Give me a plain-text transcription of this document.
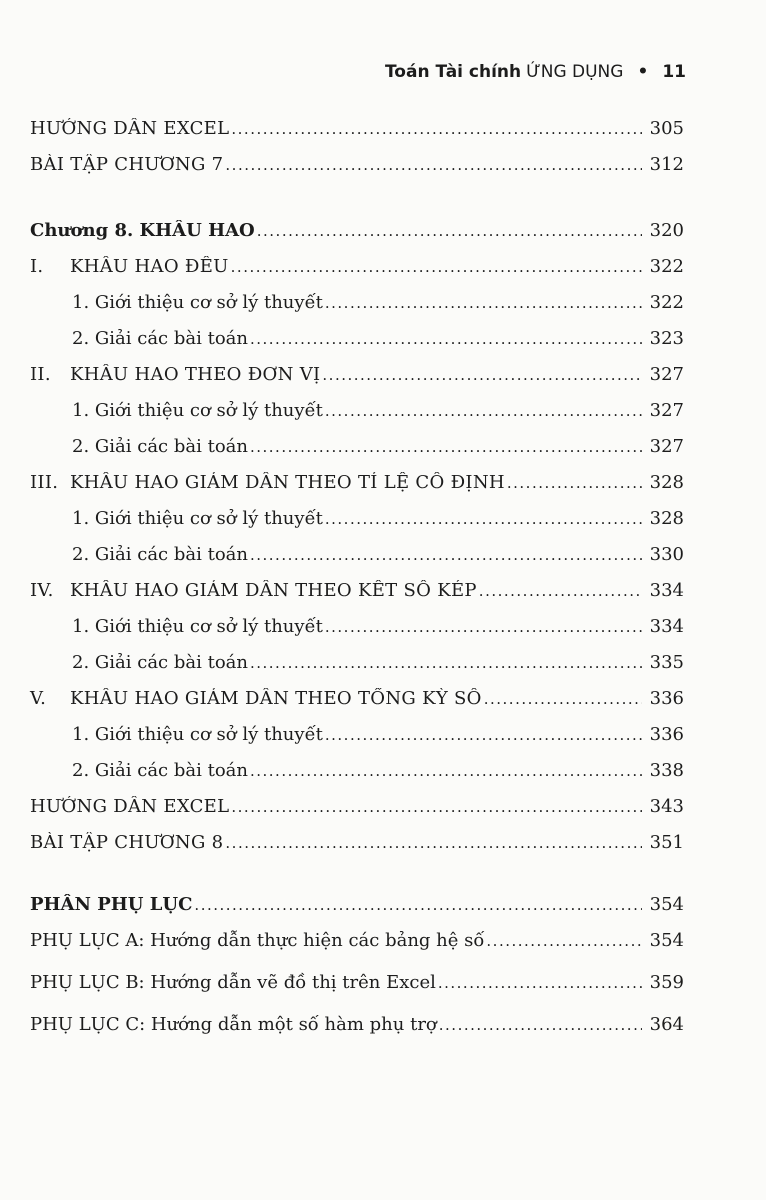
Toán Tài chính ỨNG DỤNG • 11
HƯỚNG DẪN EXCEL .....	305
BÀI TẬP CHƯƠNG 7 .....	312
Chương 8. KHẤU HAO .....	320
I. KHẤU HAO ĐỀU .....	322
1. Giới thiệu cơ sở lý thuyết .....	322
2. Giải các bài toán .....	323
II. KHẤU HAO THEO ĐƠN VỊ .....	327
1. Giới thiệu cơ sở lý thuyết .....	327
2. Giải các bài toán .....	327
III. KHẤU HAO GIẢM DẦN THEO TỈ LỆ CỐ ĐỊNH .....	328
1. Giới thiệu cơ sở lý thuyết .....	328
2. Giải các bài toán .....	330
IV. KHẤU HAO GIẢM DẦN THEO KẾT SỐ KÉP .....	334
1. Giới thiệu cơ sở lý thuyết .....	334
2. Giải các bài toán .....	335
V. KHẤU HAO GIẢM DẦN THEO TỔNG KỲ SỐ .....	336
1. Giới thiệu cơ sở lý thuyết .....	336
2. Giải các bài toán .....	338
HƯỚNG DẪN EXCEL .....	343
BÀI TẬP CHƯƠNG 8 .....	351
PHẦN PHỤ LỤC .....	354
PHỤ LỤC A: Hướng dẫn thực hiện các bảng hệ số .....	354
PHỤ LỤC B: Hướng dẫn vẽ đồ thị trên Excel .....	359
PHỤ LỤC C: Hướng dẫn một số hàm phụ trợ .....	364
